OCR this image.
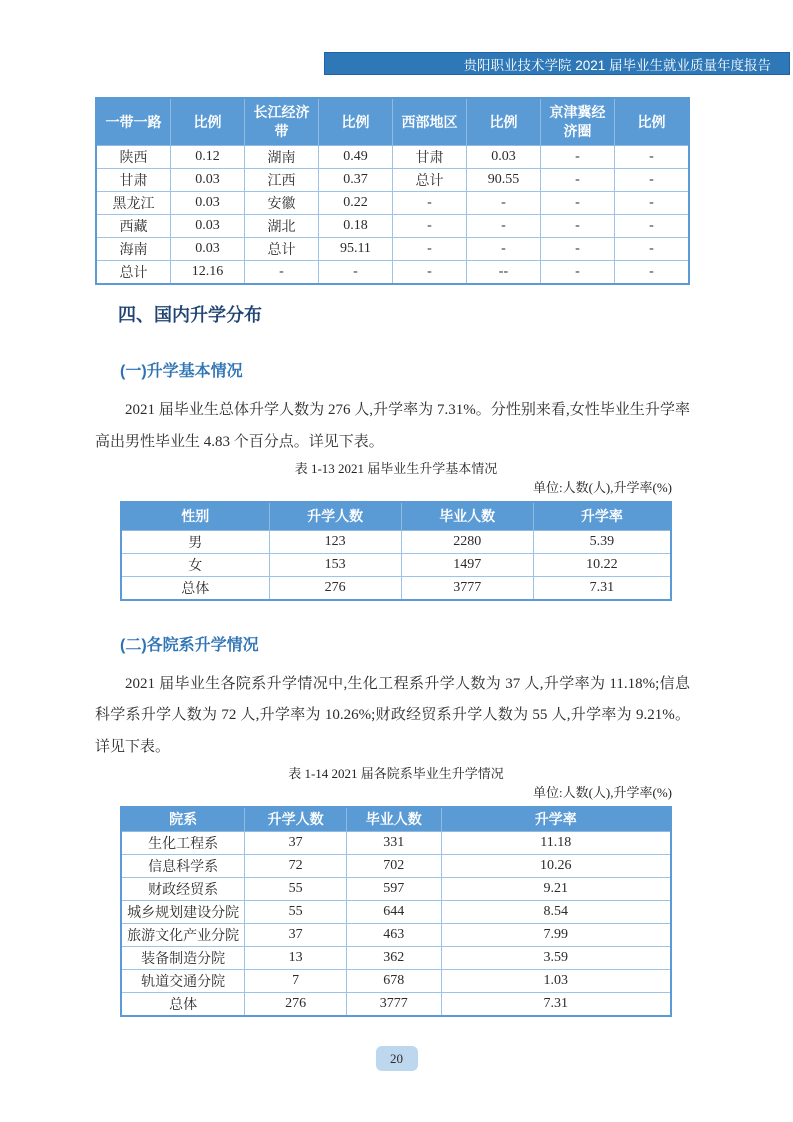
贵阳职业技术学院 2021 届毕业生就业质量年度报告
一带一路	比例	长江经济带	比例	西部地区	比例	京津冀经济圈	比例
陕西	0.12	湖南	0.49	甘肃	0.03	-	-
甘肃	0.03	江西	0.37	总计	90.55	-	-
黑龙江	0.03	安徽	0.22	-	-	-	-
西藏	0.03	湖北	0.18	-	-	-	-
海南	0.03	总计	95.11	-	-	-	-
总计	12.16	-	-	-	--	-	-
四、国内升学分布
(一)升学基本情况

2021 届毕业生总体升学人数为 276 人,升学率为 7.31%。分性别来看,女性毕业生升学率高出男性毕业生 4.83 个百分点。详见下表。

表 1-13 2021 届毕业生升学基本情况
单位:人数(人),升学率(%)
性别	升学人数	毕业人数	升学率
男	123	2280	5.39
女	153	1497	10.22
总体	276	3777	7.31
(二)各院系升学情况

2021 届毕业生各院系升学情况中,生化工程系升学人数为 37 人,升学率为 11.18%;信息科学系升学人数为 72 人,升学率为 10.26%;财政经贸系升学人数为 55 人,升学率为 9.21%。详见下表。

表 1-14 2021 届各院系毕业生升学情况
单位:人数(人),升学率(%)
院系	升学人数	毕业人数	升学率
生化工程系	37	331	11.18
信息科学系	72	702	10.26
财政经贸系	55	597	9.21
城乡规划建设分院	55	644	8.54
旅游文化产业分院	37	463	7.99
装备制造分院	13	362	3.59
轨道交通分院	7	678	1.03
总体	276	3777	7.31
20
